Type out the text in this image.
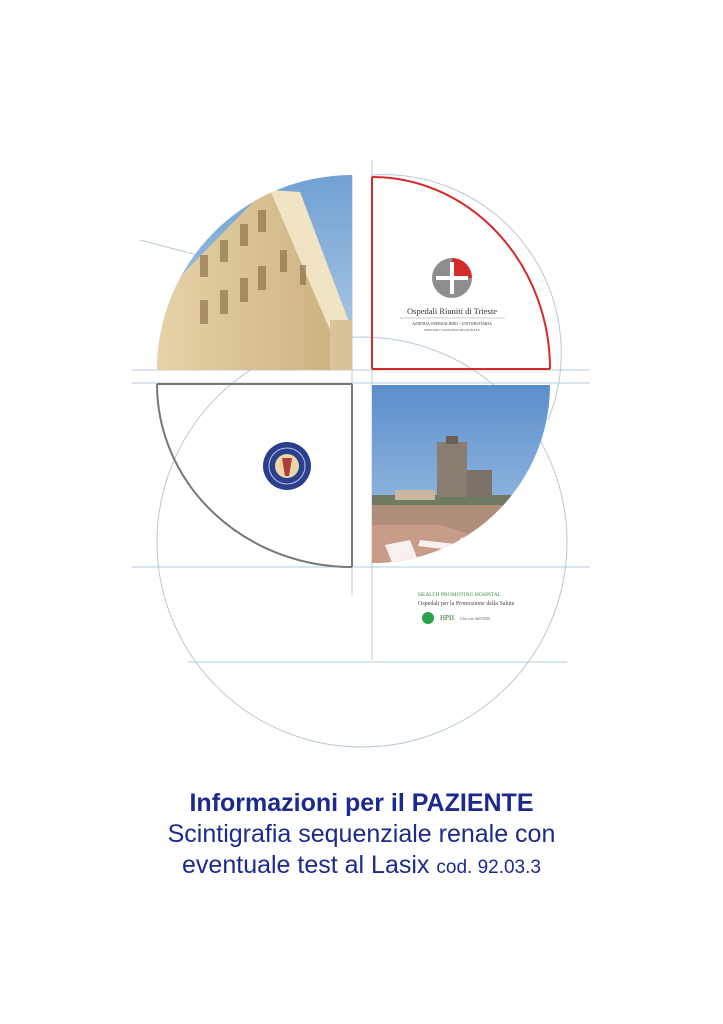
Ospedali Riuniti di Trieste
AZIENDA OSPEDALIERO - UNIVERSITARIA
SERVIZIO SANITARIO REGIONALE
HEALTH PROMOTING HOSPITAL
Ospedali per la Promozione della Salute
HPH Una rete dell'OMS
Informazioni per il PAZIENTE
Scintigrafia sequenziale renale con
eventuale test al Lasix cod. 92.03.3
